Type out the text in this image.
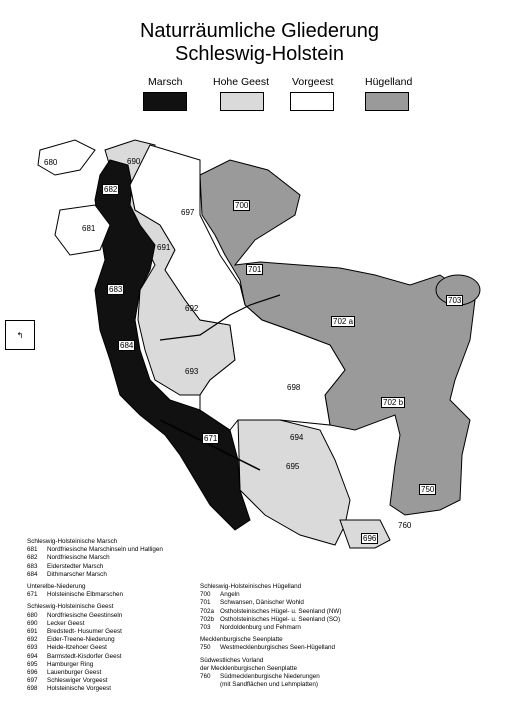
Naturräumliche Gliederung
Schleswig-Holstein
Marsch	Hohe Geest Vorgeest	Hügelland
680	690
682
697
700
681
691
701
683
692
703
702 a
684
693
698
702 b
671	694
695
750
760
696
↰
Schleswig-Holsteinische Marsch
681	Nordfriesische Marschinseln und Halligen
682	Nordfriesische Marsch
683	Eiderstedter Marsch
684	Dithmarscher Marsch
Unterelbe-Niederung
671	Holsteinische Elbmarschen
Schleswig-Holsteinische Geest
680	Nordfriesische Geestinseln
690	Lecker Geest
691	Bredstedt- Husumer Geest
692	Eider-Treene-Niederung
693	Heide-Itzehoer Geest
694	Barmstedt-Kisdorfer Geest
695	Hamburger Ring
696	Lauenburger Geest
697	Schleswiger Vorgeest
698	Holsteinische Vorgeest
Schleswig-Holsteinisches Hügelland
700	Angeln
701	Schwansen, Dänischer Wohld
702a Ostholsteinisches Hügel- u. Seenland (NW)
702b Ostholsteinisches Hügel- u. Seenland (SO)
703	Nordoldenburg und Fehmarn
Mecklenburgische Seenplatte
750	Westmecklenburgisches Seen-Hügelland
Südwestliches Vorland
der Mecklenburgischen Seenplatte
760	Südmecklenburgische Niederungen
(mit Sandflächen und Lehmplatten)
